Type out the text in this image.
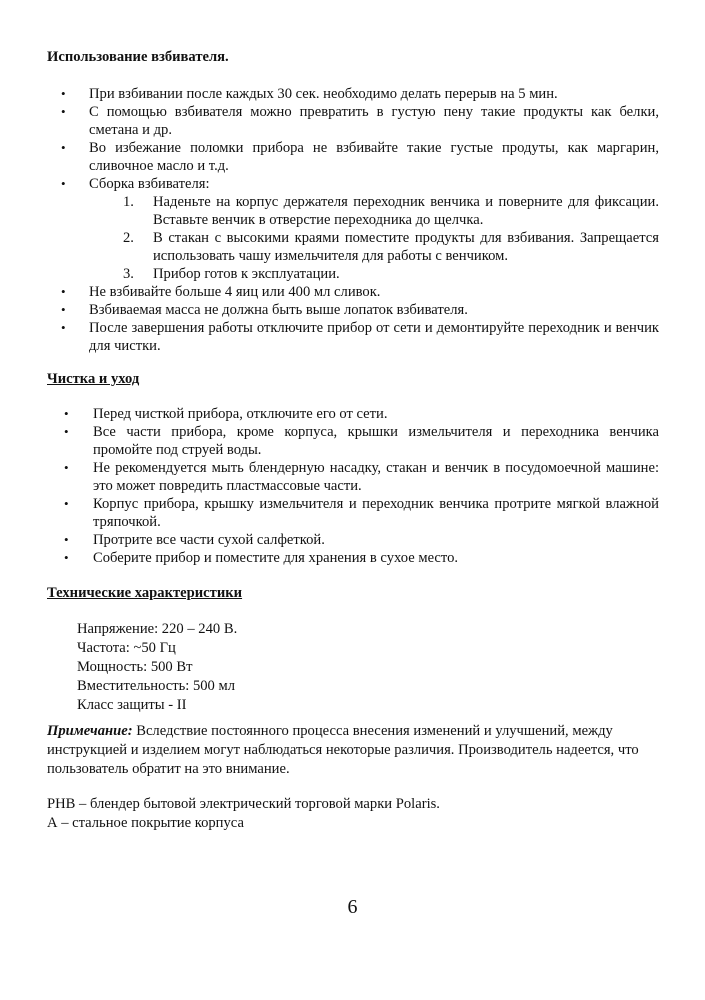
Использование взбивателя.
• При взбивании после каждых 30 сек. необходимо делать перерыв на 5 мин.
• С помощью взбивателя можно превратить в густую пену такие продукты как белки, сметана и др.
• Во избежание поломки прибора не взбивайте такие густые продуты, как маргарин, сливочное масло и т.д.
• Сборка взбивателя:
1. Наденьте на корпус держателя переходник венчика и поверните для фиксации. Вставьте венчик в отверстие переходника до щелчка.
2. В стакан с высокими краями поместите продукты для взбивания. Запрещается использовать чашу измельчителя для работы с венчиком.
3. Прибор готов к эксплуатации.
• Не взбивайте больше 4 яиц или 400 мл сливок.
• Взбиваемая масса не должна быть выше лопаток взбивателя.
• После завершения работы отключите прибор от сети и демонтируйте переходник и венчик для чистки.
Чистка и уход
• Перед чисткой прибора, отключите его от сети.
• Все части прибора, кроме корпуса, крышки измельчителя и переходника венчика промойте под струей воды.
• Не рекомендуется мыть блендерную насадку, стакан и венчик в посудомоечной машине: это может повредить пластмассовые части.
• Корпус прибора, крышку измельчителя и переходник венчика протрите мягкой влажной тряпочкой.
• Протрите все части сухой салфеткой.
• Соберите прибор и поместите для хранения в сухое место.
Технические характеристики
Напряжение: 220 – 240 В.
Частота: ~50 Гц
Мощность: 500 Вт
Вместительность: 500 мл
Класс защиты - II

Примечание: Вследствие постоянного процесса внесения изменений и улучшений, между инструкцией и изделием могут наблюдаться некоторые различия. Производитель надеется, что пользователь обратит на это внимание.

PHB – блендер бытовой электрический торговой марки Polaris.
А – стальное покрытие корпуса
6
